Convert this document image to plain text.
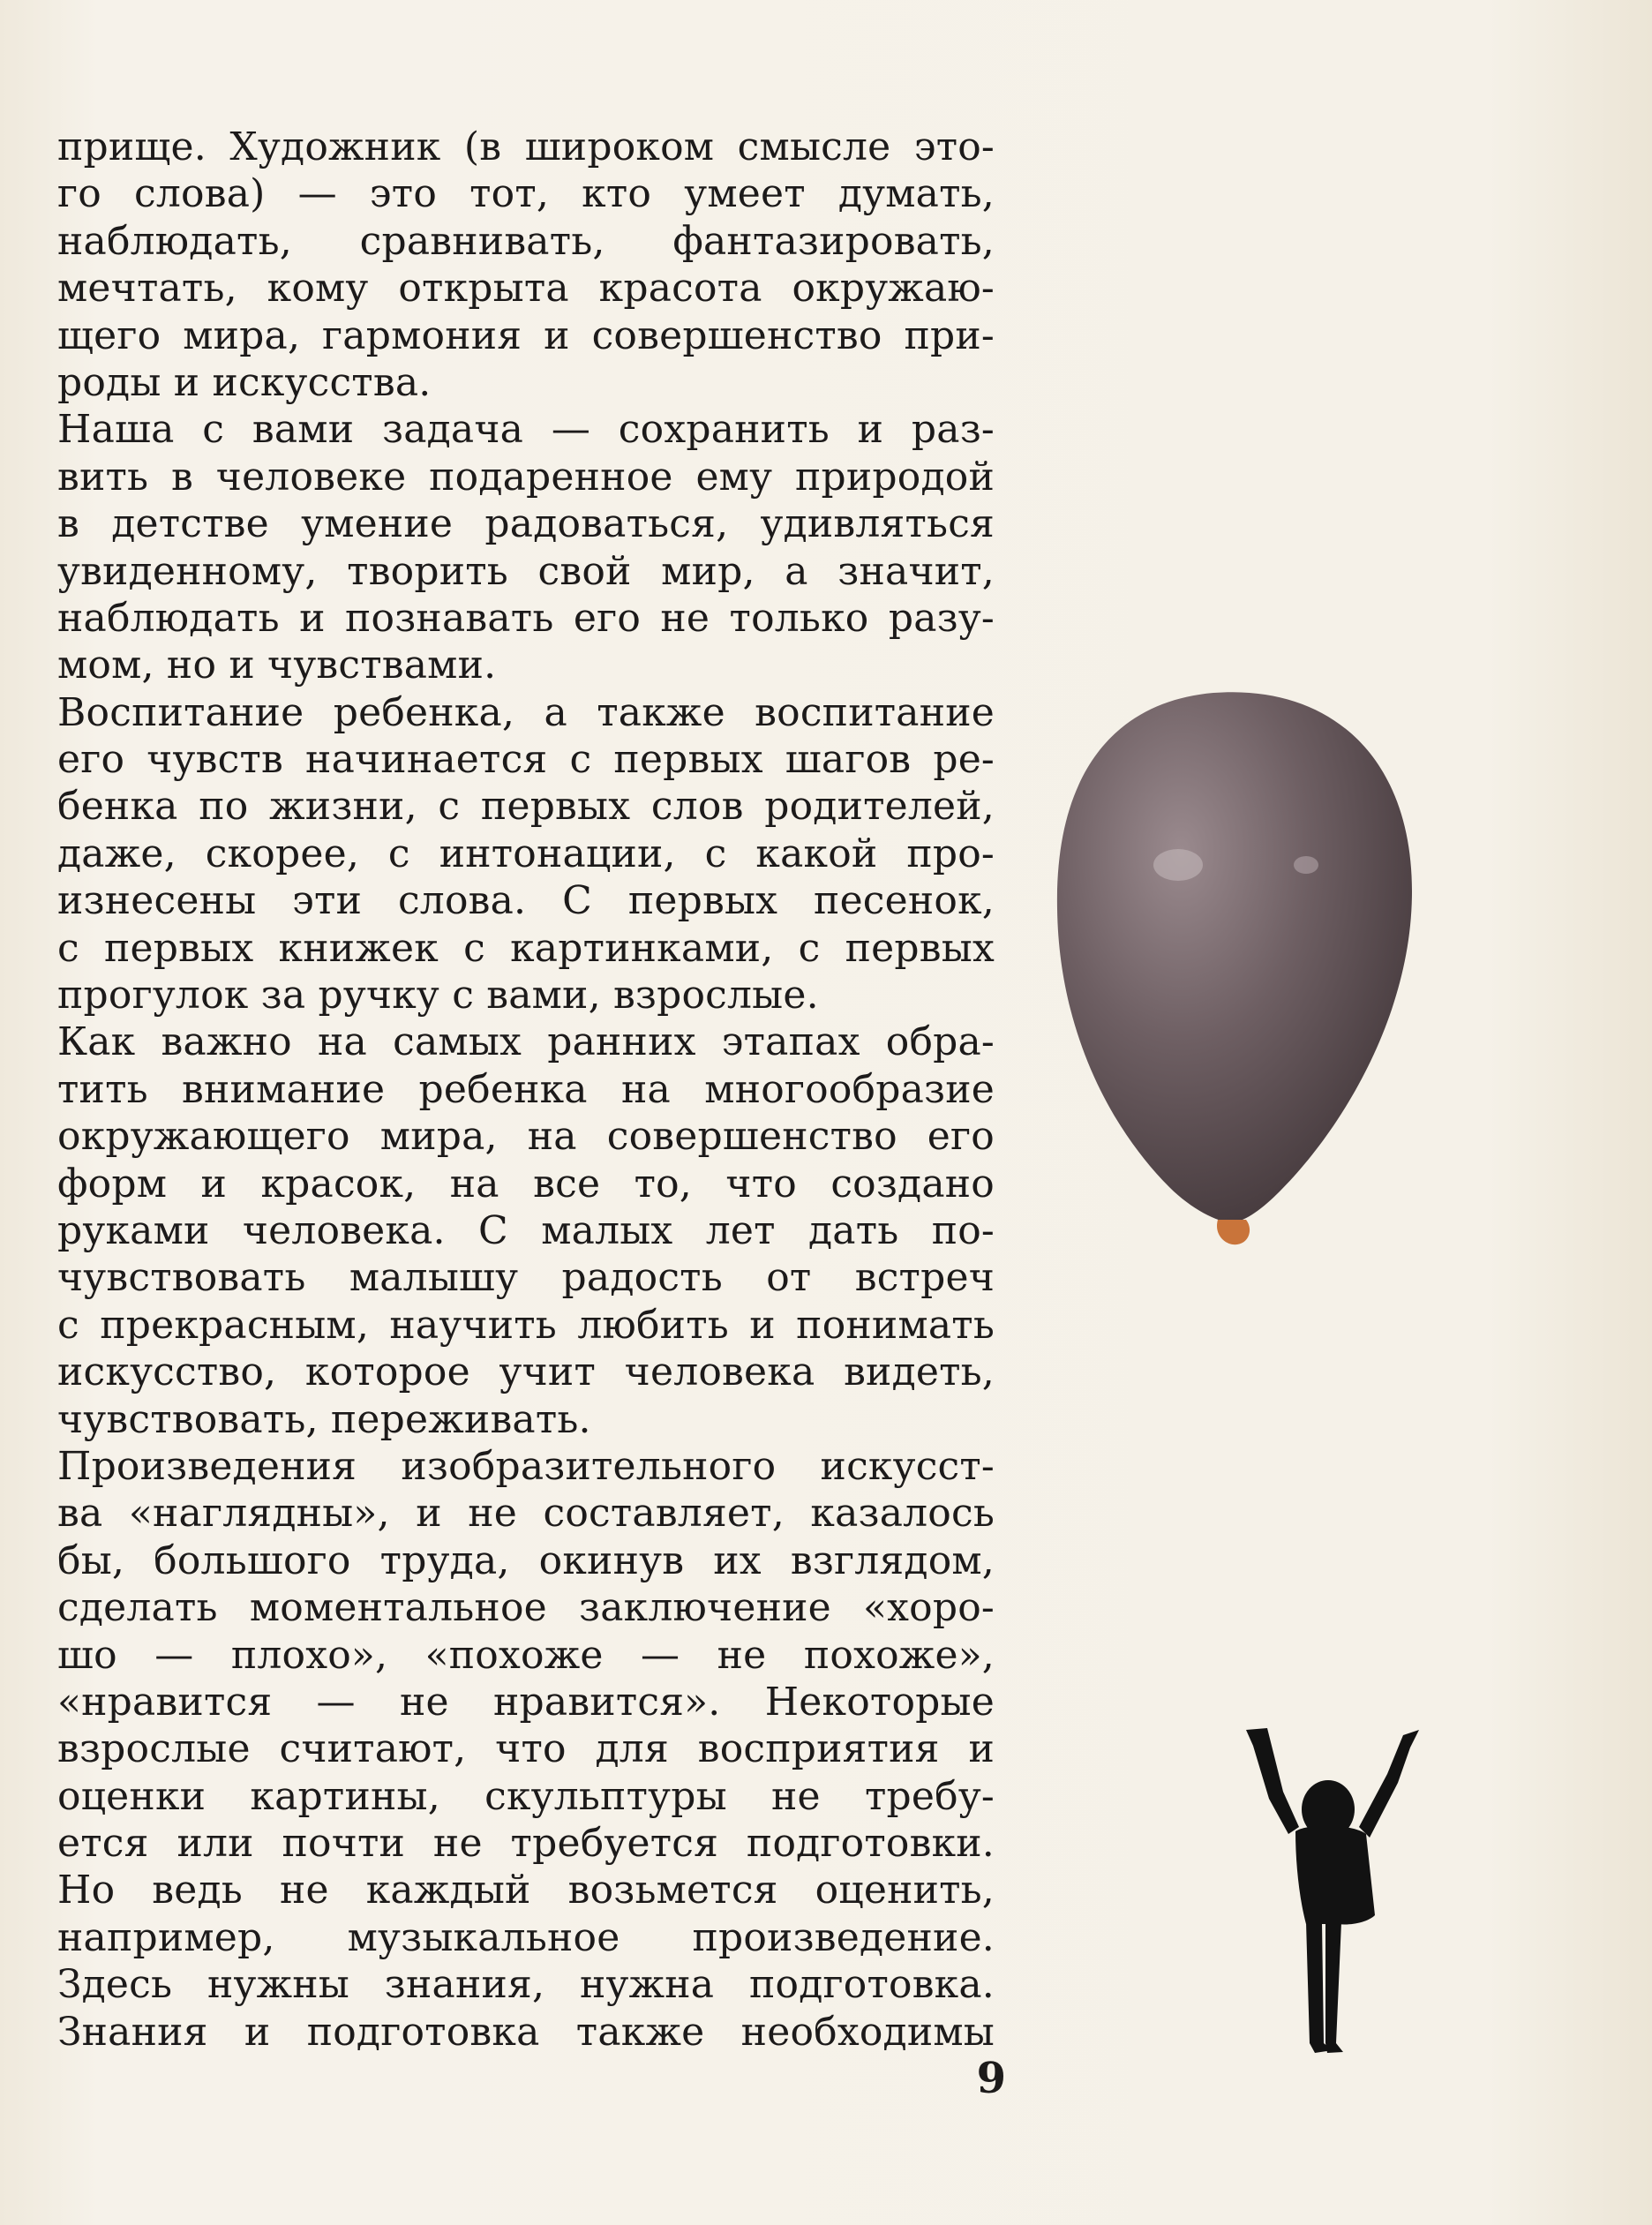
прище. Художник (в широком смысле это-
го слова) — это тот, кто умеет думать,
наблюдать, сравнивать, фантазировать,
мечтать, кому открыта красота окружаю-
щего мира, гармония и совершенство при-
роды и искусства.
Наша с вами задача — сохранить и раз-
вить в человеке подаренное ему природой
в детстве умение радоваться, удивляться
увиденному, творить свой мир, а значит,
наблюдать и познавать его не только разу-
мом, но и чувствами.
Воспитание ребенка, а также воспитание
его чувств начинается с первых шагов ре-
бенка по жизни, с первых слов родителей,
даже, скорее, с интонации, с какой про-
изнесены эти слова. С первых песенок,
с первых книжек с картинками, с первых
прогулок за ручку с вами, взрослые.
Как важно на самых ранних этапах обра-
тить внимание ребенка на многообразие
окружающего мира, на совершенство его
форм и красок, на все то, что создано
руками человека. С малых лет дать по-
чувствовать малышу радость от встреч
с прекрасным, научить любить и понимать
искусство, которое учит человека видеть,
чувствовать, переживать.
Произведения изобразительного искусст-
ва «наглядны», и не составляет, казалось
бы, большого труда, окинув их взглядом,
сделать моментальное заключение «хоро-
шо — плохо», «похоже — не похоже»,
«нравится — не нравится». Некоторые
взрослые считают, что для восприятия и
оценки картины, скульптуры не требу-
ется или почти не требуется подготовки.
Но ведь не каждый возьмется оценить,
например, музыкальное произведение.
Здесь нужны знания, нужна подготовка.
Знания и подготовка также необходимы
9
